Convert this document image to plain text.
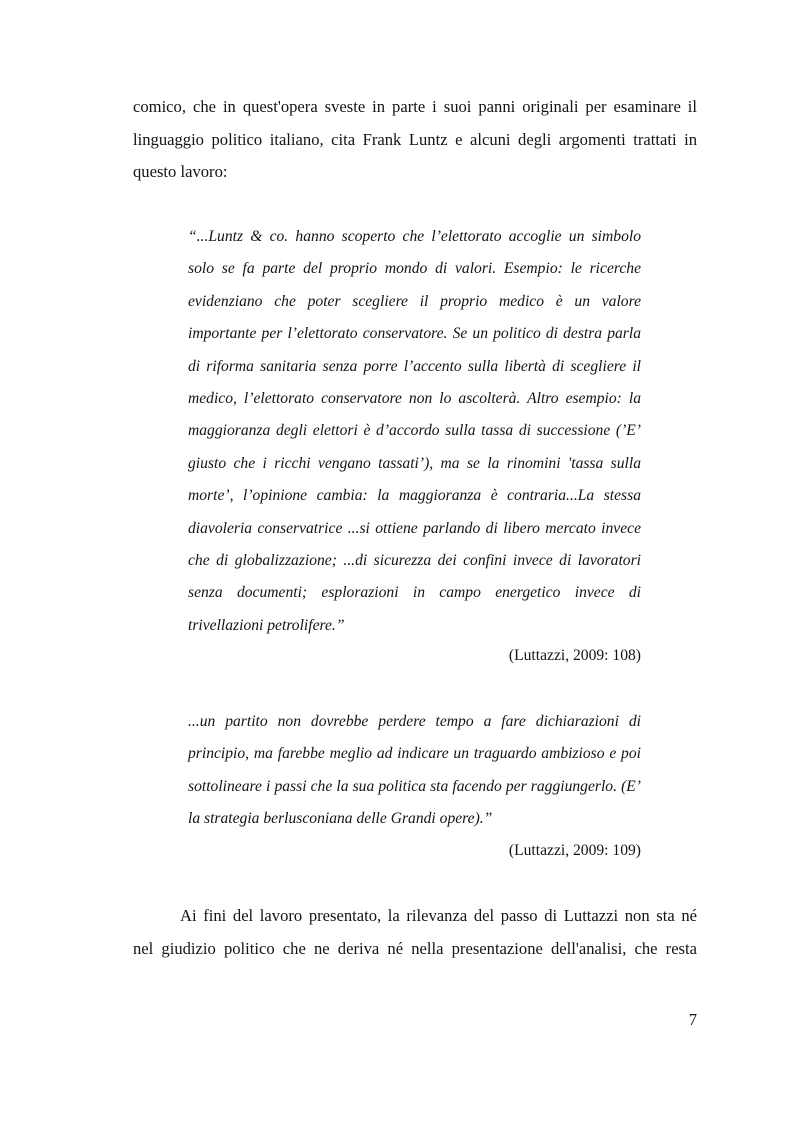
comico, che in quest'opera sveste in parte i suoi panni originali per esaminare il
linguaggio politico italiano, cita Frank Luntz e alcuni degli argomenti trattati in
questo lavoro:
“...Luntz & co. hanno scoperto che l’elettorato accoglie un simbolo
solo se fa parte del proprio mondo di valori. Esempio: le ricerche
evidenziano che poter scegliere il proprio medico è un valore
importante per l’elettorato conservatore. Se un politico di destra parla
di riforma sanitaria senza porre l’accento sulla libertà di scegliere il
medico, l’elettorato conservatore non lo ascolterà. Altro esempio: la
maggioranza degli elettori è d’accordo sulla tassa di successione (’E’
giusto che i ricchi vengano tassati’), ma se la rinomini 'tassa sulla
morte’, l’opinione cambia: la maggioranza è contraria...La stessa
diavoleria conservatrice ...si ottiene parlando di libero mercato invece
che di globalizzazione; ...di sicurezza dei confini invece di lavoratori
senza documenti; esplorazioni in campo energetico invece di
trivellazioni petrolifere.”
(Luttazzi, 2009: 108)
...un partito non dovrebbe perdere tempo a fare dichiarazioni di
principio, ma farebbe meglio ad indicare un traguardo ambizioso e poi
sottolineare i passi che la sua politica sta facendo per raggiungerlo. (E’
la strategia berlusconiana delle Grandi opere).”
(Luttazzi, 2009: 109)
Ai fini del lavoro presentato, la rilevanza del passo di Luttazzi non sta né
nel giudizio politico che ne deriva né nella presentazione dell'analisi, che resta
7
